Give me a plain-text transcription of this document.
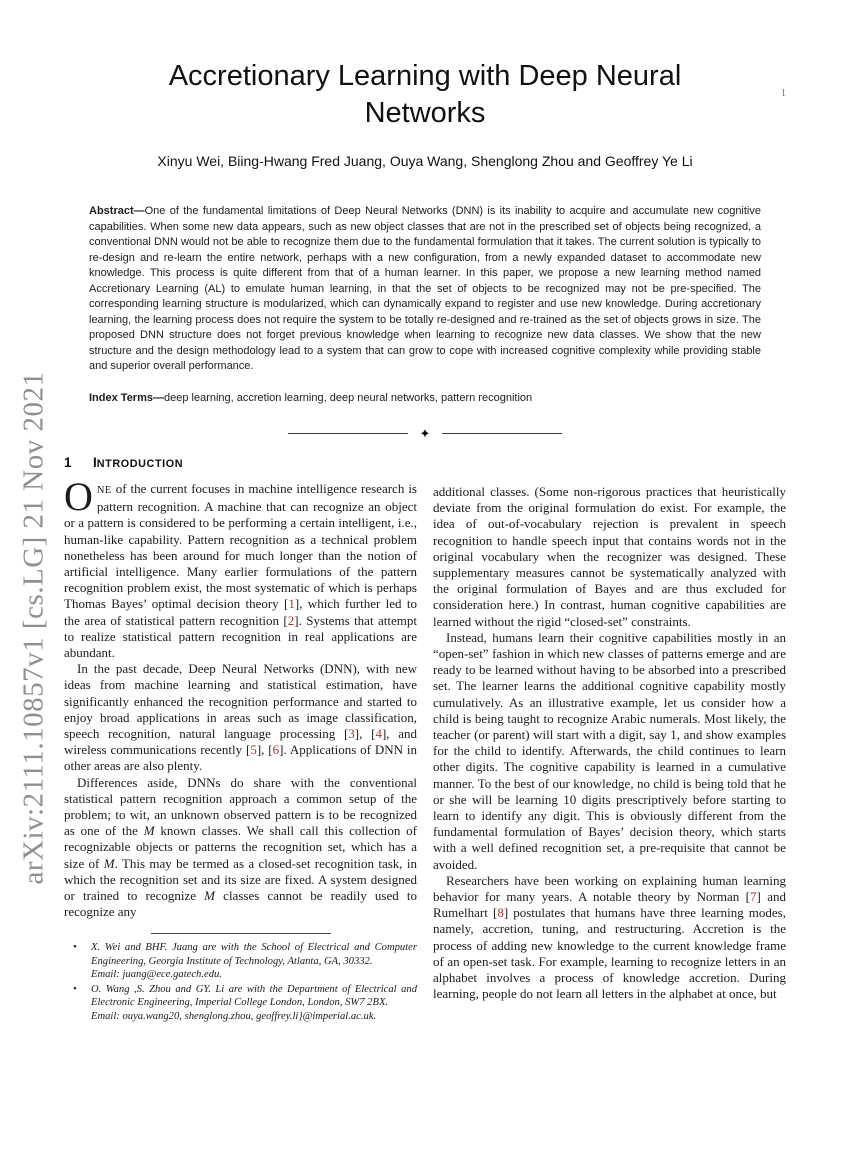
1
arXiv:2111.10857v1 [cs.LG] 21 Nov 2021
Accretionary Learning with Deep Neural Networks
Xinyu Wei, Biing-Hwang Fred Juang, Ouya Wang, Shenglong Zhou and Geoffrey Ye Li
Abstract—One of the fundamental limitations of Deep Neural Networks (DNN) is its inability to acquire and accumulate new cognitive capabilities. When some new data appears, such as new object classes that are not in the prescribed set of objects being recognized, a conventional DNN would not be able to recognize them due to the fundamental formulation that it takes. The current solution is typically to re-design and re-learn the entire network, perhaps with a new configuration, from a newly expanded dataset to accommodate new knowledge. This process is quite different from that of a human learner. In this paper, we propose a new learning method named Accretionary Learning (AL) to emulate human learning, in that the set of objects to be recognized may not be pre-specified. The corresponding learning structure is modularized, which can dynamically expand to register and use new knowledge. During accretionary learning, the learning process does not require the system to be totally re-designed and re-trained as the set of objects grows in size. The proposed DNN structure does not forget previous knowledge when learning to recognize new data classes. We show that the new structure and the design methodology lead to a system that can grow to cope with increased cognitive complexity while providing stable and superior overall performance.
Index Terms—deep learning, accretion learning, deep neural networks, pattern recognition
✦
1 INTRODUCTION

ONE of the current focuses in machine intelligence research is pattern recognition. A machine that can recognize an object or a pattern is considered to be performing a certain intelligent, i.e., human-like capability. Pattern recognition as a technical problem nonetheless has been around for much longer than the notion of artificial intelligence. Many earlier formulations of the pattern recognition problem exist, the most systematic of which is perhaps Thomas Bayes’ optimal decision theory [1], which further led to the area of statistical pattern recognition [2]. Systems that attempt to realize statistical pattern recognition in real applications are abundant.

In the past decade, Deep Neural Networks (DNN), with new ideas from machine learning and statistical estimation, have significantly enhanced the recognition performance and started to enjoy broad applications in areas such as image classification, speech recognition, natural language processing [3], [4], and wireless communications recently [5], [6]. Applications of DNN in other areas are also plenty.

Differences aside, DNNs do share with the conventional statistical pattern recognition approach a common setup of the problem; to wit, an unknown observed pattern is to be recognized as one of the M known classes. We shall call this collection of recognizable objects or patterns the recognition set, which has a size of M. This may be termed as a closed-set recognition task, in which the recognition set and its size are fixed. A system designed or trained to recognize M classes cannot be readily used to recognize any

• X. Wei and BHF. Juang are with the School of Electrical and Computer Engineering, Georgia Institute of Technology, Atlanta, GA, 30332.
Email: juang@ece.gatech.edu.
• O. Wang ,S. Zhou and GY. Li are with the Department of Electrical and Electronic Engineering, Imperial College London, London, SW7 2BX.
Email: ouya.wang20, shenglong.zhou, geoffrey.li}@imperial.ac.uk.

additional classes. (Some non-rigorous practices that heuristically deviate from the original formulation do exist. For example, the idea of out-of-vocabulary rejection is prevalent in speech recognition to handle speech input that contains words not in the original vocabulary when the recognizer was designed. These supplementary measures cannot be systematically analyzed with the original formulation of Bayes and are thus excluded for consideration here.) In contrast, human cognitive capabilities are learned without the rigid “closed-set” constraints.

Instead, humans learn their cognitive capabilities mostly in an “open-set” fashion in which new classes of patterns emerge and are ready to be learned without having to be absorbed into a prescribed set. The learner learns the additional cognitive capability mostly cumulatively. As an illustrative example, let us consider how a child is being taught to recognize Arabic numerals. Most likely, the teacher (or parent) will start with a digit, say 1, and show examples for the child to identify. Afterwards, the child continues to learn other digits. The cognitive capability is learned in a cumulative manner. To the best of our knowledge, no child is being told that he or she will be learning 10 digits prescriptively before starting to learn to identify any digit. This is obviously different from the fundamental formulation of Bayes’ decision theory, which starts with a well defined recognition set, a pre-requisite that cannot be avoided.

Researchers have been working on explaining human learning behavior for many years. A notable theory by Norman [7] and Rumelhart [8] postulates that humans have three learning modes, namely, accretion, tuning, and restructuring. Accretion is the process of adding new knowledge to the current knowledge frame of an open-set task. For example, learning to recognize letters in an alphabet involves a process of knowledge accretion. During learning, people do not learn all letters in the alphabet at once, but
